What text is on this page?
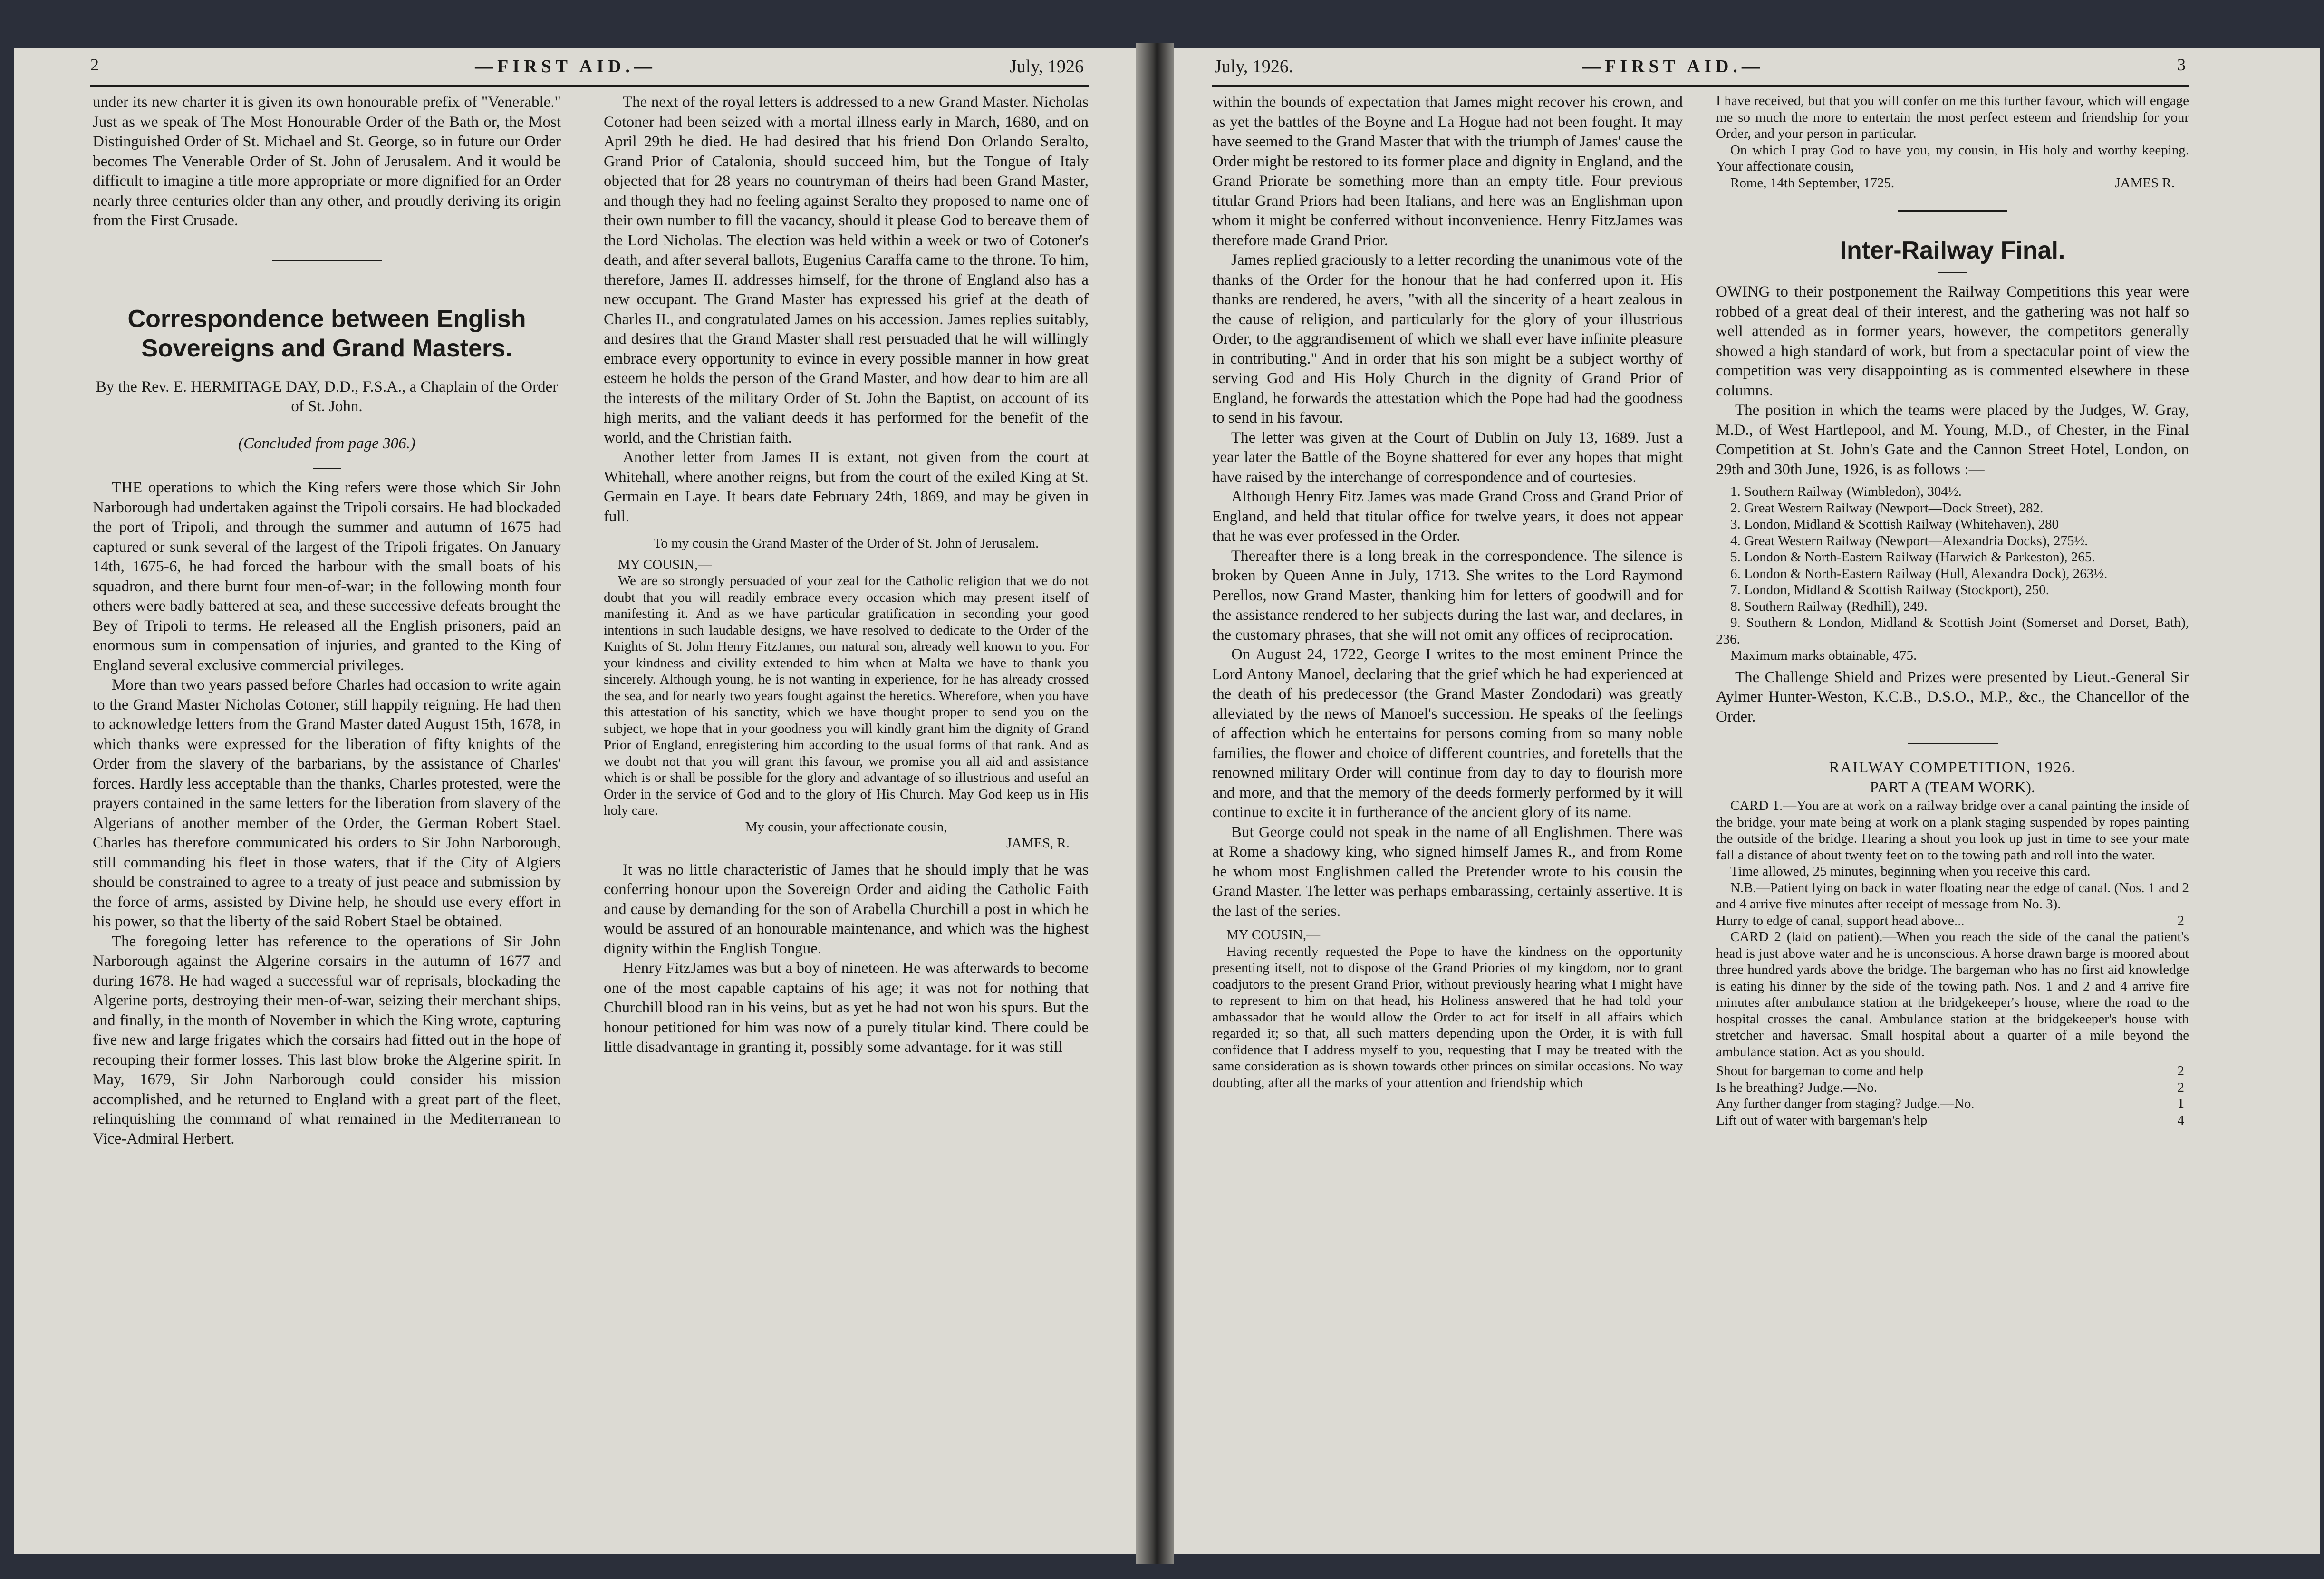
2	—FIRST AID.—	July, 1926

under its new charter it is given its own honourable prefix of "Venerable." Just as we speak of The Most Honourable Order of the Bath or, the Most Distinguished Order of St. Michael and St. George, so in future our Order becomes The Venerable Order of St. John of Jerusalem. And it would be difficult to imagine a title more appropriate or more dignified for an Order nearly three centuries older than any other, and proudly deriving its origin from the First Crusade.

Correspondence between English Sovereigns and Grand Masters.

By the Rev. E. HERMITAGE DAY, D.D., F.S.A., a Chaplain of the Order of St. John.

(Concluded from page 306.)

THE operations to which the King refers were those which Sir John Narborough had undertaken against the Tripoli corsairs. He had blockaded the port of Tripoli, and through the summer and autumn of 1675 had captured or sunk several of the largest of the Tripoli frigates. On January 14th, 1675-6, he had forced the harbour with the small boats of his squadron, and there burnt four men-of-war; in the following month four others were badly battered at sea, and these successive defeats brought the Bey of Tripoli to terms. He released all the English prisoners, paid an enormous sum in compensation of injuries, and granted to the King of England several exclusive commercial privileges.

More than two years passed before Charles had occasion to write again to the Grand Master Nicholas Cotoner, still happily reigning. He had then to acknowledge letters from the Grand Master dated August 15th, 1678, in which thanks were expressed for the liberation of fifty knights of the Order from the slavery of the barbarians, by the assistance of Charles' forces. Hardly less acceptable than the thanks, Charles protested, were the prayers contained in the same letters for the liberation from slavery of the Algerians of another member of the Order, the German Robert Stael. Charles has therefore communicated his orders to Sir John Narborough, still commanding his fleet in those waters, that if the City of Algiers should be constrained to agree to a treaty of just peace and submission by the force of arms, assisted by Divine help, he should use every effort in his power, so that the liberty of the said Robert Stael be obtained.

The foregoing letter has reference to the operations of Sir John Narborough against the Algerine corsairs in the autumn of 1677 and during 1678. He had waged a successful war of reprisals, blockading the Algerine ports, destroying their men-of-war, seizing their merchant ships, and finally, in the month of November in which the King wrote, capturing five new and large frigates which the corsairs had fitted out in the hope of recouping their former losses. This last blow broke the Algerine spirit. In May, 1679, Sir John Narborough could consider his mission accomplished, and he returned to England with a great part of the fleet, relinquishing the command of what remained in the Mediterranean to Vice-Admiral Herbert.

The next of the royal letters is addressed to a new Grand Master. Nicholas Cotoner had been seized with a mortal illness early in March, 1680, and on April 29th he died. He had desired that his friend Don Orlando Seralto, Grand Prior of Catalonia, should succeed him, but the Tongue of Italy objected that for 28 years no countryman of theirs had been Grand Master, and though they had no feeling against Seralto they proposed to name one of their own number to fill the vacancy, should it please God to bereave them of the Lord Nicholas. The election was held within a week or two of Cotoner's death, and after several ballots, Eugenius Caraffa came to the throne. To him, therefore, James II. addresses himself, for the throne of England also has a new occupant. The Grand Master has expressed his grief at the death of Charles II., and congratulated James on his accession. James replies suitably, and desires that the Grand Master shall rest persuaded that he will willingly embrace every opportunity to evince in every possible manner in how great esteem he holds the person of the Grand Master, and how dear to him are all the interests of the military Order of St. John the Baptist, on account of its high merits, and the valiant deeds it has performed for the benefit of the world, and the Christian faith.

Another letter from James II is extant, not given from the court at Whitehall, where another reigns, but from the court of the exiled King at St. Germain en Laye. It bears date February 24th, 1869, and may be given in full.

To my cousin the Grand Master of the Order of St. John of Jerusalem.

MY COUSIN,—

We are so strongly persuaded of your zeal for the Catholic religion that we do not doubt that you will readily embrace every occasion which may present itself of manifesting it. And as we have particular gratification in seconding your good intentions in such laudable designs, we have resolved to dedicate to the Order of the Knights of St. John Henry FitzJames, our natural son, already well known to you. For your kindness and civility extended to him when at Malta we have to thank you sincerely. Although young, he is not wanting in experience, for he has already crossed the sea, and for nearly two years fought against the heretics. Wherefore, when you have this attestation of his sanctity, which we have thought proper to send you on the subject, we hope that in your goodness you will kindly grant him the dignity of Grand Prior of England, enregistering him according to the usual forms of that rank. And as we doubt not that you will grant this favour, we promise you all aid and assistance which is or shall be possible for the glory and advantage of so illustrious and useful an Order in the service of God and to the glory of His Church. May God keep us in His holy care.

My cousin, your affectionate cousin,

JAMES, R.

It was no little characteristic of James that he should imply that he was conferring honour upon the Sovereign Order and aiding the Catholic Faith and cause by demanding for the son of Arabella Churchill a post in which he would be assured of an honourable maintenance, and which was the highest dignity within the English Tongue.

Henry FitzJames was but a boy of nineteen. He was afterwards to become one of the most capable captains of his age; it was not for nothing that Churchill blood ran in his veins, but as yet he had not won his spurs. But the honour petitioned for him was now of a purely titular kind. There could be little disadvantage in granting it, possibly some advantage. for it was still

July, 1926.	—FIRST AID.—	3

within the bounds of expectation that James might recover his crown, and as yet the battles of the Boyne and La Hogue had not been fought. It may have seemed to the Grand Master that with the triumph of James' cause the Order might be restored to its former place and dignity in England, and the Grand Priorate be something more than an empty title. Four previous titular Grand Priors had been Italians, and here was an Englishman upon whom it might be conferred without inconvenience. Henry FitzJames was therefore made Grand Prior.

James replied graciously to a letter recording the unanimous vote of the thanks of the Order for the honour that he had conferred upon it. His thanks are rendered, he avers, "with all the sincerity of a heart zealous in the cause of religion, and particularly for the glory of your illustrious Order, to the aggrandisement of which we shall ever have infinite pleasure in contributing." And in order that his son might be a subject worthy of serving God and His Holy Church in the dignity of Grand Prior of England, he forwards the attestation which the Pope had had the goodness to send in his favour.

The letter was given at the Court of Dublin on July 13, 1689. Just a year later the Battle of the Boyne shattered for ever any hopes that might have raised by the interchange of correspondence and of courtesies.

Although Henry Fitz James was made Grand Cross and Grand Prior of England, and held that titular office for twelve years, it does not appear that he was ever professed in the Order.

Thereafter there is a long break in the correspondence. The silence is broken by Queen Anne in July, 1713. She writes to the Lord Raymond Perellos, now Grand Master, thanking him for letters of goodwill and for the assistance rendered to her subjects during the last war, and declares, in the customary phrases, that she will not omit any offices of reciprocation.

On August 24, 1722, George I writes to the most eminent Prince the Lord Antony Manoel, declaring that the grief which he had experienced at the death of his predecessor (the Grand Master Zondodari) was greatly alleviated by the news of Manoel's succession. He speaks of the feelings of affection which he entertains for persons coming from so many noble families, the flower and choice of different countries, and foretells that the renowned military Order will continue from day to day to flourish more and more, and that the memory of the deeds formerly performed by it will continue to excite it in furtherance of the ancient glory of its name.

But George could not speak in the name of all Englishmen. There was at Rome a shadowy king, who signed himself James R., and from Rome he whom most Englishmen called the Pretender wrote to his cousin the Grand Master. The letter was perhaps embarassing, certainly assertive. It is the last of the series.

MY COUSIN,—

Having recently requested the Pope to have the kindness on the opportunity presenting itself, not to dispose of the Grand Priories of my kingdom, nor to grant coadjutors to the present Grand Prior, without previously hearing what I might have to represent to him on that head, his Holiness answered that he had told your ambassador that he would allow the Order to act for itself in all affairs which regarded it; so that, all such matters depending upon the Order, it is with full confidence that I address myself to you, requesting that I may be treated with the same consideration as is shown towards other princes on similar occasions. No way doubting, after all the marks of your attention and friendship which

I have received, but that you will confer on me this further favour, which will engage me so much the more to entertain the most perfect esteem and friendship for your Order, and your person in particular.

On which I pray God to have you, my cousin, in His holy and worthy keeping. Your affectionate cousin,

Rome, 14th September, 1725.	JAMES R.
Inter-Railway Final.

OWING to their postponement the Railway Competitions this year were robbed of a great deal of their interest, and the gathering was not half so well attended as in former years, however, the competitors generally showed a high standard of work, but from a spectacular point of view the competition was very disappointing as is commented elsewhere in these columns.

The position in which the teams were placed by the Judges, W. Gray, M.D., of West Hartlepool, and M. Young, M.D., of Chester, in the Final Competition at St. John's Gate and the Cannon Street Hotel, London, on 29th and 30th June, 1926, is as follows :—

1. Southern Railway (Wimbledon), 304½.

2. Great Western Railway (Newport—Dock Street), 282.

3. London, Midland & Scottish Railway (Whitehaven), 280

4. Great Western Railway (Newport—Alexandria Docks), 275½.

5. London & North-Eastern Railway (Harwich & Parkeston), 265.

6. London & North-Eastern Railway (Hull, Alexandra Dock), 263½.

7. London, Midland & Scottish Railway (Stockport), 250.

8. Southern Railway (Redhill), 249.

9. Southern & London, Midland & Scottish Joint (Somerset and Dorset, Bath), 236.

Maximum marks obtainable, 475.

The Challenge Shield and Prizes were presented by Lieut.-General Sir Aylmer Hunter-Weston, K.C.B., D.S.O., M.P., &c., the Chancellor of the Order.

RAILWAY COMPETITION, 1926.

PART A (TEAM WORK).

CARD 1.—You are at work on a railway bridge over a canal painting the inside of the bridge, your mate being at work on a plank staging suspended by ropes painting the outside of the bridge. Hearing a shout you look up just in time to see your mate fall a distance of about twenty feet on to the towing path and roll into the water.

Time allowed, 25 minutes, beginning when you receive this card.

N.B.—Patient lying on back in water floating near the edge of canal. (Nos. 1 and 2 and 4 arrive five minutes after receipt of message from No. 3).

Hurry to edge of canal, support head above...	2

CARD 2 (laid on patient).—When you reach the side of the canal the patient's head is just above water and he is unconscious. A horse drawn barge is moored about three hundred yards above the bridge. The bargeman who has no first aid knowledge is eating his dinner by the side of the towing path. Nos. 1 and 2 and 4 arrive fire minutes after ambulance station at the bridgekeeper's house, where the road to the hospital crosses the canal. Ambulance station at the bridgekeeper's house with stretcher and haversac. Small hospital about a quarter of a mile beyond the ambulance station. Act as you should.

Shout for bargeman to come and help	2
Is he breathing? Judge.—No.	2
Any further danger from staging? Judge.—No.	1
Lift out of water with bargeman's help	4
